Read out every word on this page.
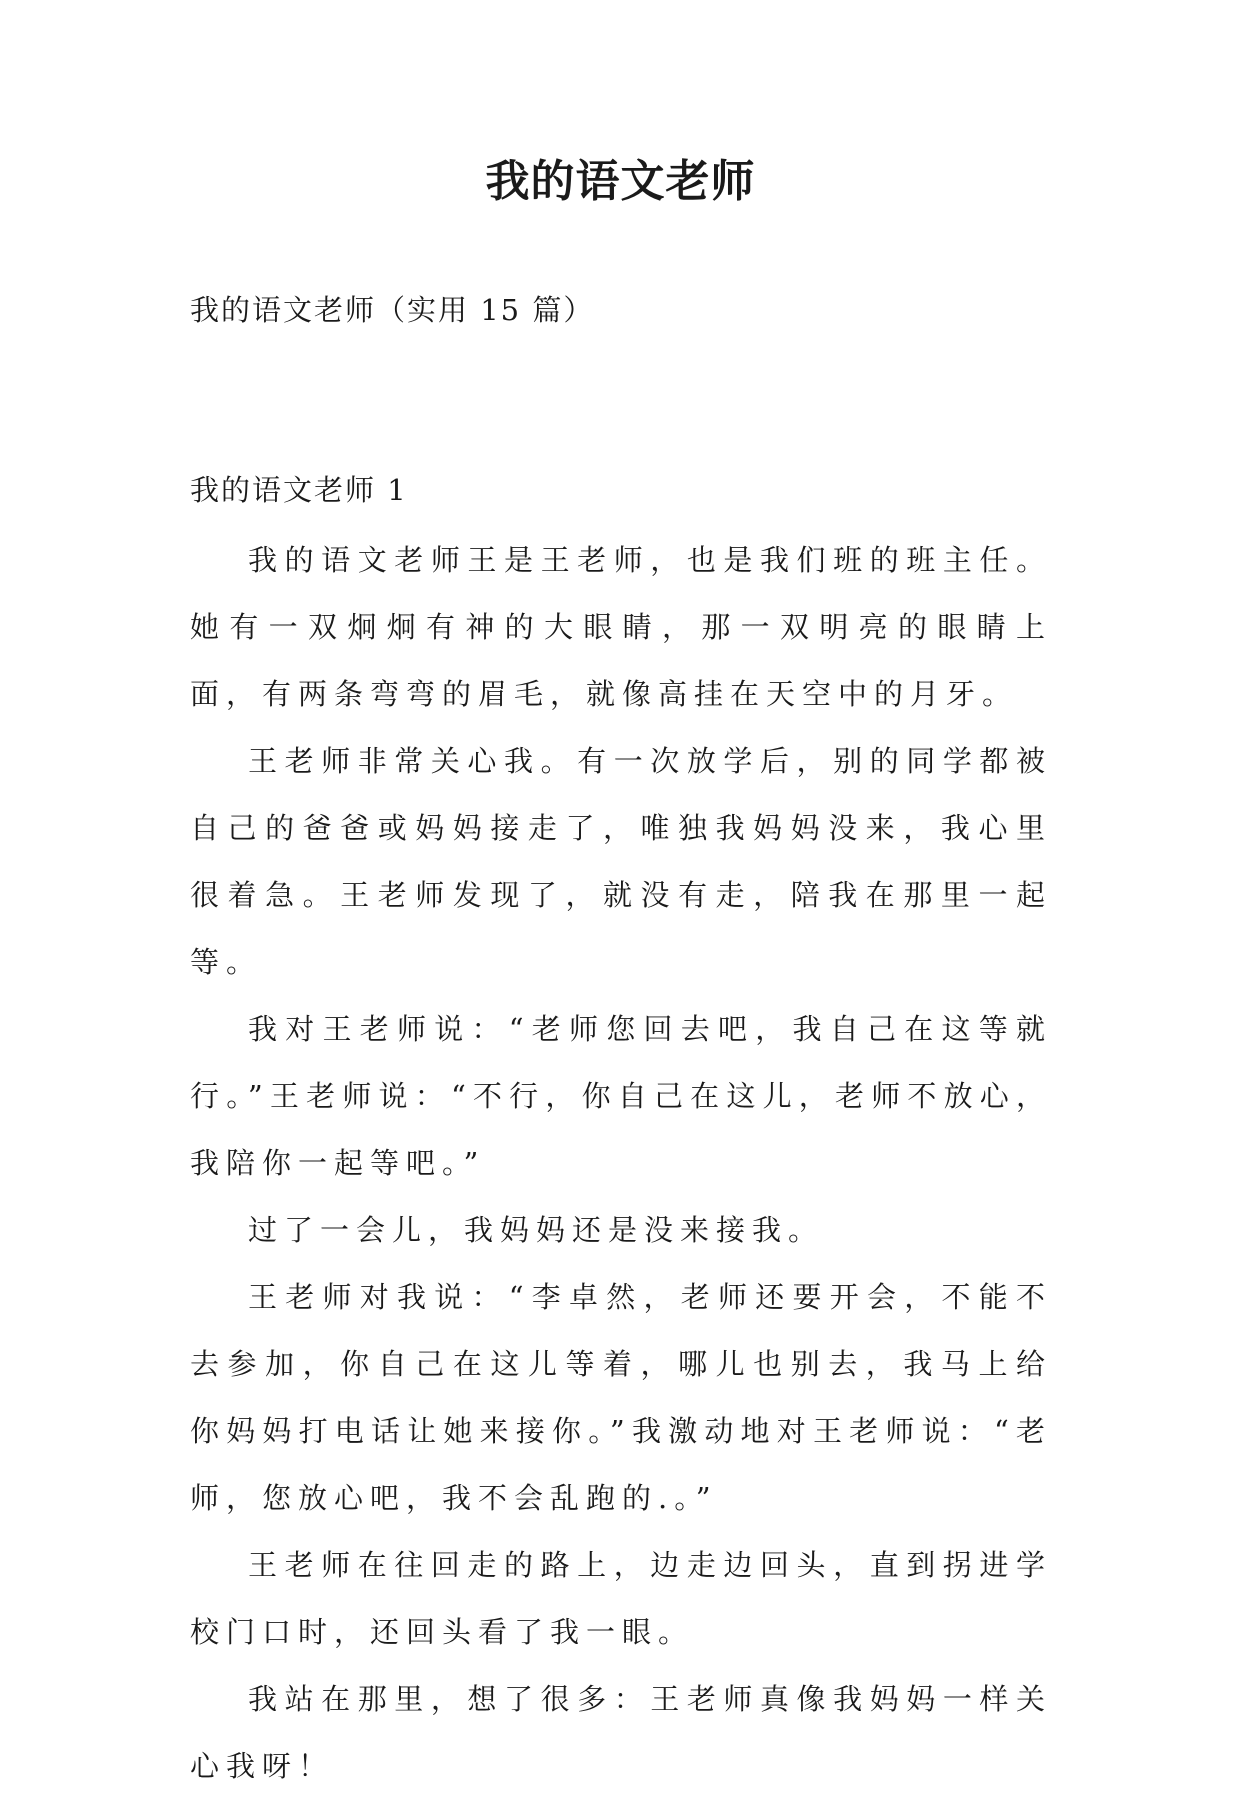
我的语文老师
我的语文老师（实用 15 篇）
我的语文老师 1

我的语文老师王是王老师，也是我们班的班主任。她有一双炯炯有神的大眼睛，那一双明亮的眼睛上面，有两条弯弯的眉毛，就像高挂在天空中的月牙。

王老师非常关心我。有一次放学后，别的同学都被自己的爸爸或妈妈接走了，唯独我妈妈没来，我心里很着急。王老师发现了，就没有走，陪我在那里一起等。

我对王老师说：“老师您回去吧，我自己在这等就行。”王老师说：“不行，你自己在这儿，老师不放心，我陪你一起等吧。”

过了一会儿，我妈妈还是没来接我。

王老师对我说：“李卓然，老师还要开会，不能不去参加，你自己在这儿等着，哪儿也别去，我马上给你妈妈打电话让她来接你。”我激动地对王老师说：“老师，您放心吧，我不会乱跑的.。”

王老师在往回走的路上，边走边回头，直到拐进学校门口时，还回头看了我一眼。

我站在那里，想了很多：王老师真像我妈妈一样关心我呀！
